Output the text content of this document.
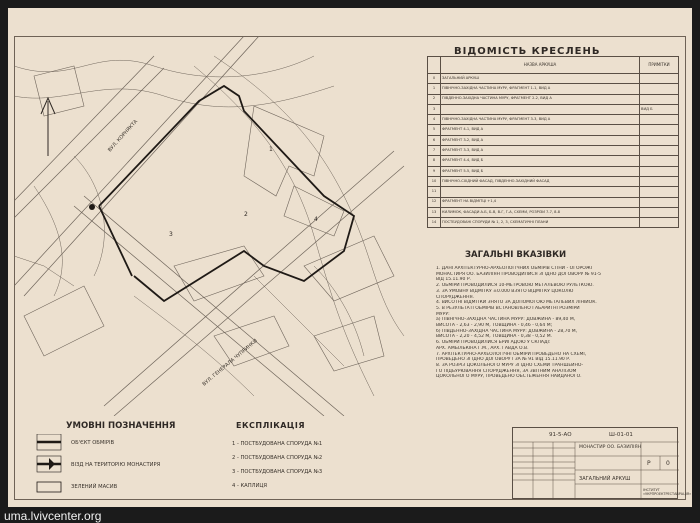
ВУЛ. КОРНЯКТА
ВУЛ. ГЕНЕРАЛА ЧУПРИНКИ
1
2
3
4
ВІДОМІСТЬ КРЕСЛЕНЬ
	НАЗВА АРКУША	ПРИМІТКИ
0	ЗАГАЛЬНИЙ АРКУШ	
1	ПІВНІЧНО-ЗАХІДНА ЧАСТИНА МУРУ, ФРАГМЕНТ 1-1, ВИД А	
2	ПІВДЕННО-ЗАХІДНА ЧАСТИНА МУРУ, ФРАГМЕНТ 2-2, ВИД А	
3		ВИД Б
4	ПІВНІЧНО-ЗАХІДНА ЧАСТИНА МУРУ, ФРАГМЕНТ 3-3, ВИД А	
5	ФРАГМЕНТ 4-1, ВИД А	
6	ФРАГМЕНТ 3-2, ВИД А	
7	ФРАГМЕНТ 3-3, ВИД А	
8	ФРАГМЕНТ 4-4, ВИД Б	
9	ФРАГМЕНТ 5-5, ВИД Б	
10	ПІВНІЧНО-СХІДНИЙ ФАСАД, ПІВДЕННО-ЗАХІДНИЙ ФАСАД	
11		
12	ФРАГМЕНТ НА ВІДМІТЦІ +1,4	
13	КИЛИМОК, ФАСАДИ А-Б, Б-В, В-Г, Г-А, СХЕМИ, РОЗРІЗИ 7-7, 8-8	
14	ПОСТБУДОВАНІ СПОРУДИ № 1, 2, 3, СХЕМАТИЧНІ ПЛАНИ	
ЗАГАЛЬНІ ВКАЗІВКИ
1. ДАНІ АРХІТЕКТУРНО-АРХЕОЛОГІЧНИХ ОБМІРІВ СТІНИ - ОГОРОЖІ
МОНАСТИРЯ ОО. БАЗИЛІЯН ПРОВОДИЛИСЯ ЗГІДНО ДОГОВОРУ № 91-5
ВІД 15.11.90 Р.
2. ОБМІРИ ПРОВОДИЛИСЯ 10-МЕТРОВОЮ МЕТАЛЕВОЮ РУЛЕТКОЮ.
3. ЗА УМОВНУ ВІДМІТКУ ±0.000 ВЗЯТО ВІДМІТКУ ЦОКОЛЮ
СПОРУДЖЕННЯ.
4. ВИСОТНІ ВІДМІТКИ ЗНЯТО ЗА ДОПОМОГОЮ МЕТАЛЕВИХ ЛІНІЙОК.
5. В РЕЗУЛЬТАТІ ОБМІРІВ ВСТАНОВЛЕНО ГАБАРИТНІ РОЗМІРИ
МУРУ:
а) ПІВНІЧНО-ЗАХІДНА ЧАСТИНА МУРУ: ДОВЖИНА - 89,40 М,
ВИСОТА - 2,63 - 2,90 М, ТОВЩИНА - 0,46 - 0,64 М;
б) ПІВДЕННО-ЗАХІДНА ЧАСТИНА МУРУ: ДОВЖИНА - 28,70 М,
ВИСОТА - 2,20 - 4,52 М, ТОВЩИНА - 0,38 - 0,52 М.
6. ОБМІРИ ПРОВОДИЛИСЯ БРИГАДОЮ У СКЛАДІ:
АРХ. АМБІЛЬКІНА Г.М., АРХ. ГАВДА О.В.
7. АРХІТЕКТУРНО-АРХЕОЛОГІЧНІ ОБМІРИ ПРОВЕДЕНО НА СХЕМІ,
ПРОВЕДЕНО ЗГІДНО ДОГОВОРУ І ЗА № 91 ВІД 15.11.90 Р.
8. ЗА РОЗРІЗ ЦОКОЛЬНОГО МУРУ ЗГІДНО СХЕМИ ТРАНШЕЙНО-
ГО ПІДБУРЮВАННЯ СПОРУДЖЕННЯ, ЗА ЗВІТНИМ АНАЛІЗОМ
ЦОКОЛЬНОГО МУРУ, ПРОВЕДЕНО ОБСТЕЖЕННЯ НАЙДАНОГО.
УМОВНІ ПОЗНАЧЕННЯ
ОБ'ЄКТ ОБМІРІВ
ВІЗД НА ТЕРИТОРІЮ МОНАСТИРЯ
ЗЕЛЕНИЙ МАСИВ
ЕКСПЛІКАЦІЯ
1 - ПОСТБУДОВАНА СПОРУДА №1
2 - ПОСТБУДОВАНА СПОРУДА №2
3 - ПОСТБУДОВАНА СПОРУДА №3
4 - КАПЛИЦЯ
91-5-АО	Ш-01-01
МОНАСТИР ОО. БАЗИЛІЯН
ЗАГАЛЬНИЙ АРКУШ
Р	0
ІНСТИТУТ «УКРПРОЕКТРЕСТАВРАЦІЯ»
uma.lvivcenter.org
